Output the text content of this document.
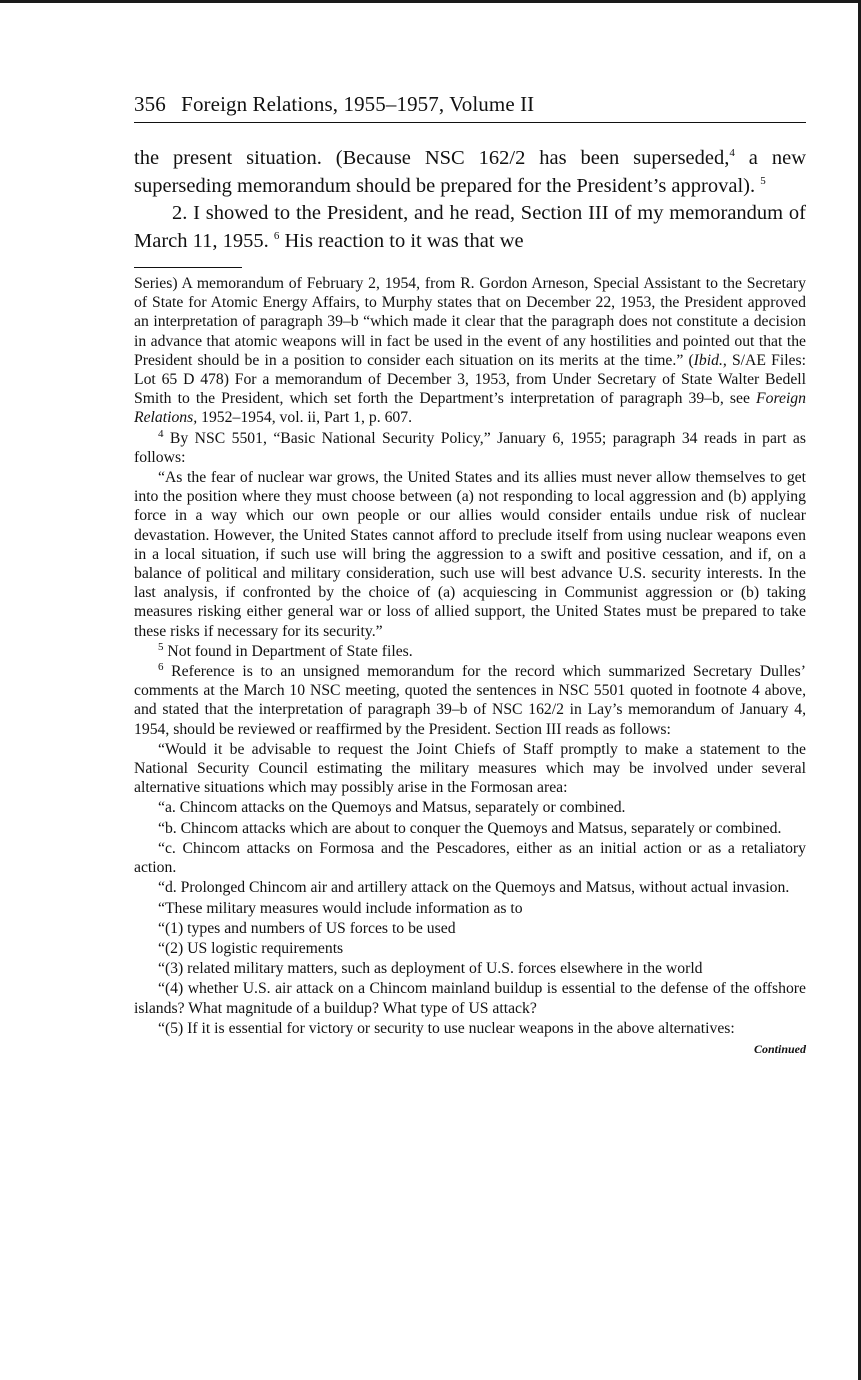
356 Foreign Relations, 1955–1957, Volume II

the present situation. (Because NSC 162/2 has been superseded,$^4$ a new superseding memorandum should be prepared for the President’s approval). $^5$

2. I showed to the President, and he read, Section III of my memorandum of March 11, 1955. $^6$ His reaction to it was that we

Series) A memorandum of February 2, 1954, from R. Gordon Arneson, Special Assistant to the Secretary of State for Atomic Energy Affairs, to Murphy states that on December 22, 1953, the President approved an interpretation of paragraph 39–b “which made it clear that the paragraph does not constitute a decision in advance that atomic weapons will in fact be used in the event of any hostilities and pointed out that the President should be in a position to consider each situation on its merits at the time.” (Ibid., S/AE Files: Lot 65 D 478) For a memorandum of December 3, 1953, from Under Secretary of State Walter Bedell Smith to the President, which set forth the Department’s interpretation of paragraph 39–b, see Foreign Relations, 1952–1954, vol. ii, Part 1, p. 607.

$^4$ By NSC 5501, “Basic National Security Policy,” January 6, 1955; paragraph 34 reads in part as follows:

“As the fear of nuclear war grows, the United States and its allies must never allow themselves to get into the position where they must choose between (a) not responding to local aggression and (b) applying force in a way which our own people or our allies would consider entails undue risk of nuclear devastation. However, the United States cannot afford to preclude itself from using nuclear weapons even in a local situation, if such use will bring the aggression to a swift and positive cessation, and if, on a balance of political and military consideration, such use will best advance U.S. security interests. In the last analysis, if confronted by the choice of (a) acquiescing in Communist aggression or (b) taking measures risking either general war or loss of allied support, the United States must be prepared to take these risks if necessary for its security.”

$^5$ Not found in Department of State files.

$^6$ Reference is to an unsigned memorandum for the record which summarized Secretary Dulles’ comments at the March 10 NSC meeting, quoted the sentences in NSC 5501 quoted in footnote 4 above, and stated that the interpretation of paragraph 39–b of NSC 162/2 in Lay’s memorandum of January 4, 1954, should be reviewed or reaffirmed by the President. Section III reads as follows:

“Would it be advisable to request the Joint Chiefs of Staff promptly to make a statement to the National Security Council estimating the military measures which may be involved under several alternative situations which may possibly arise in the Formosan area:

“a. Chincom attacks on the Quemoys and Matsus, separately or combined.

“b. Chincom attacks which are about to conquer the Quemoys and Matsus, separately or combined.

“c. Chincom attacks on Formosa and the Pescadores, either as an initial action or as a retaliatory action.

“d. Prolonged Chincom air and artillery attack on the Quemoys and Matsus, without actual invasion.

“These military measures would include information as to

“(1) types and numbers of US forces to be used

“(2) US logistic requirements

“(3) related military matters, such as deployment of U.S. forces elsewhere in the world

“(4) whether U.S. air attack on a Chincom mainland buildup is essential to the defense of the offshore islands? What magnitude of a buildup? What type of US attack?

“(5) If it is essential for victory or security to use nuclear weapons in the above alternatives:

Continued
